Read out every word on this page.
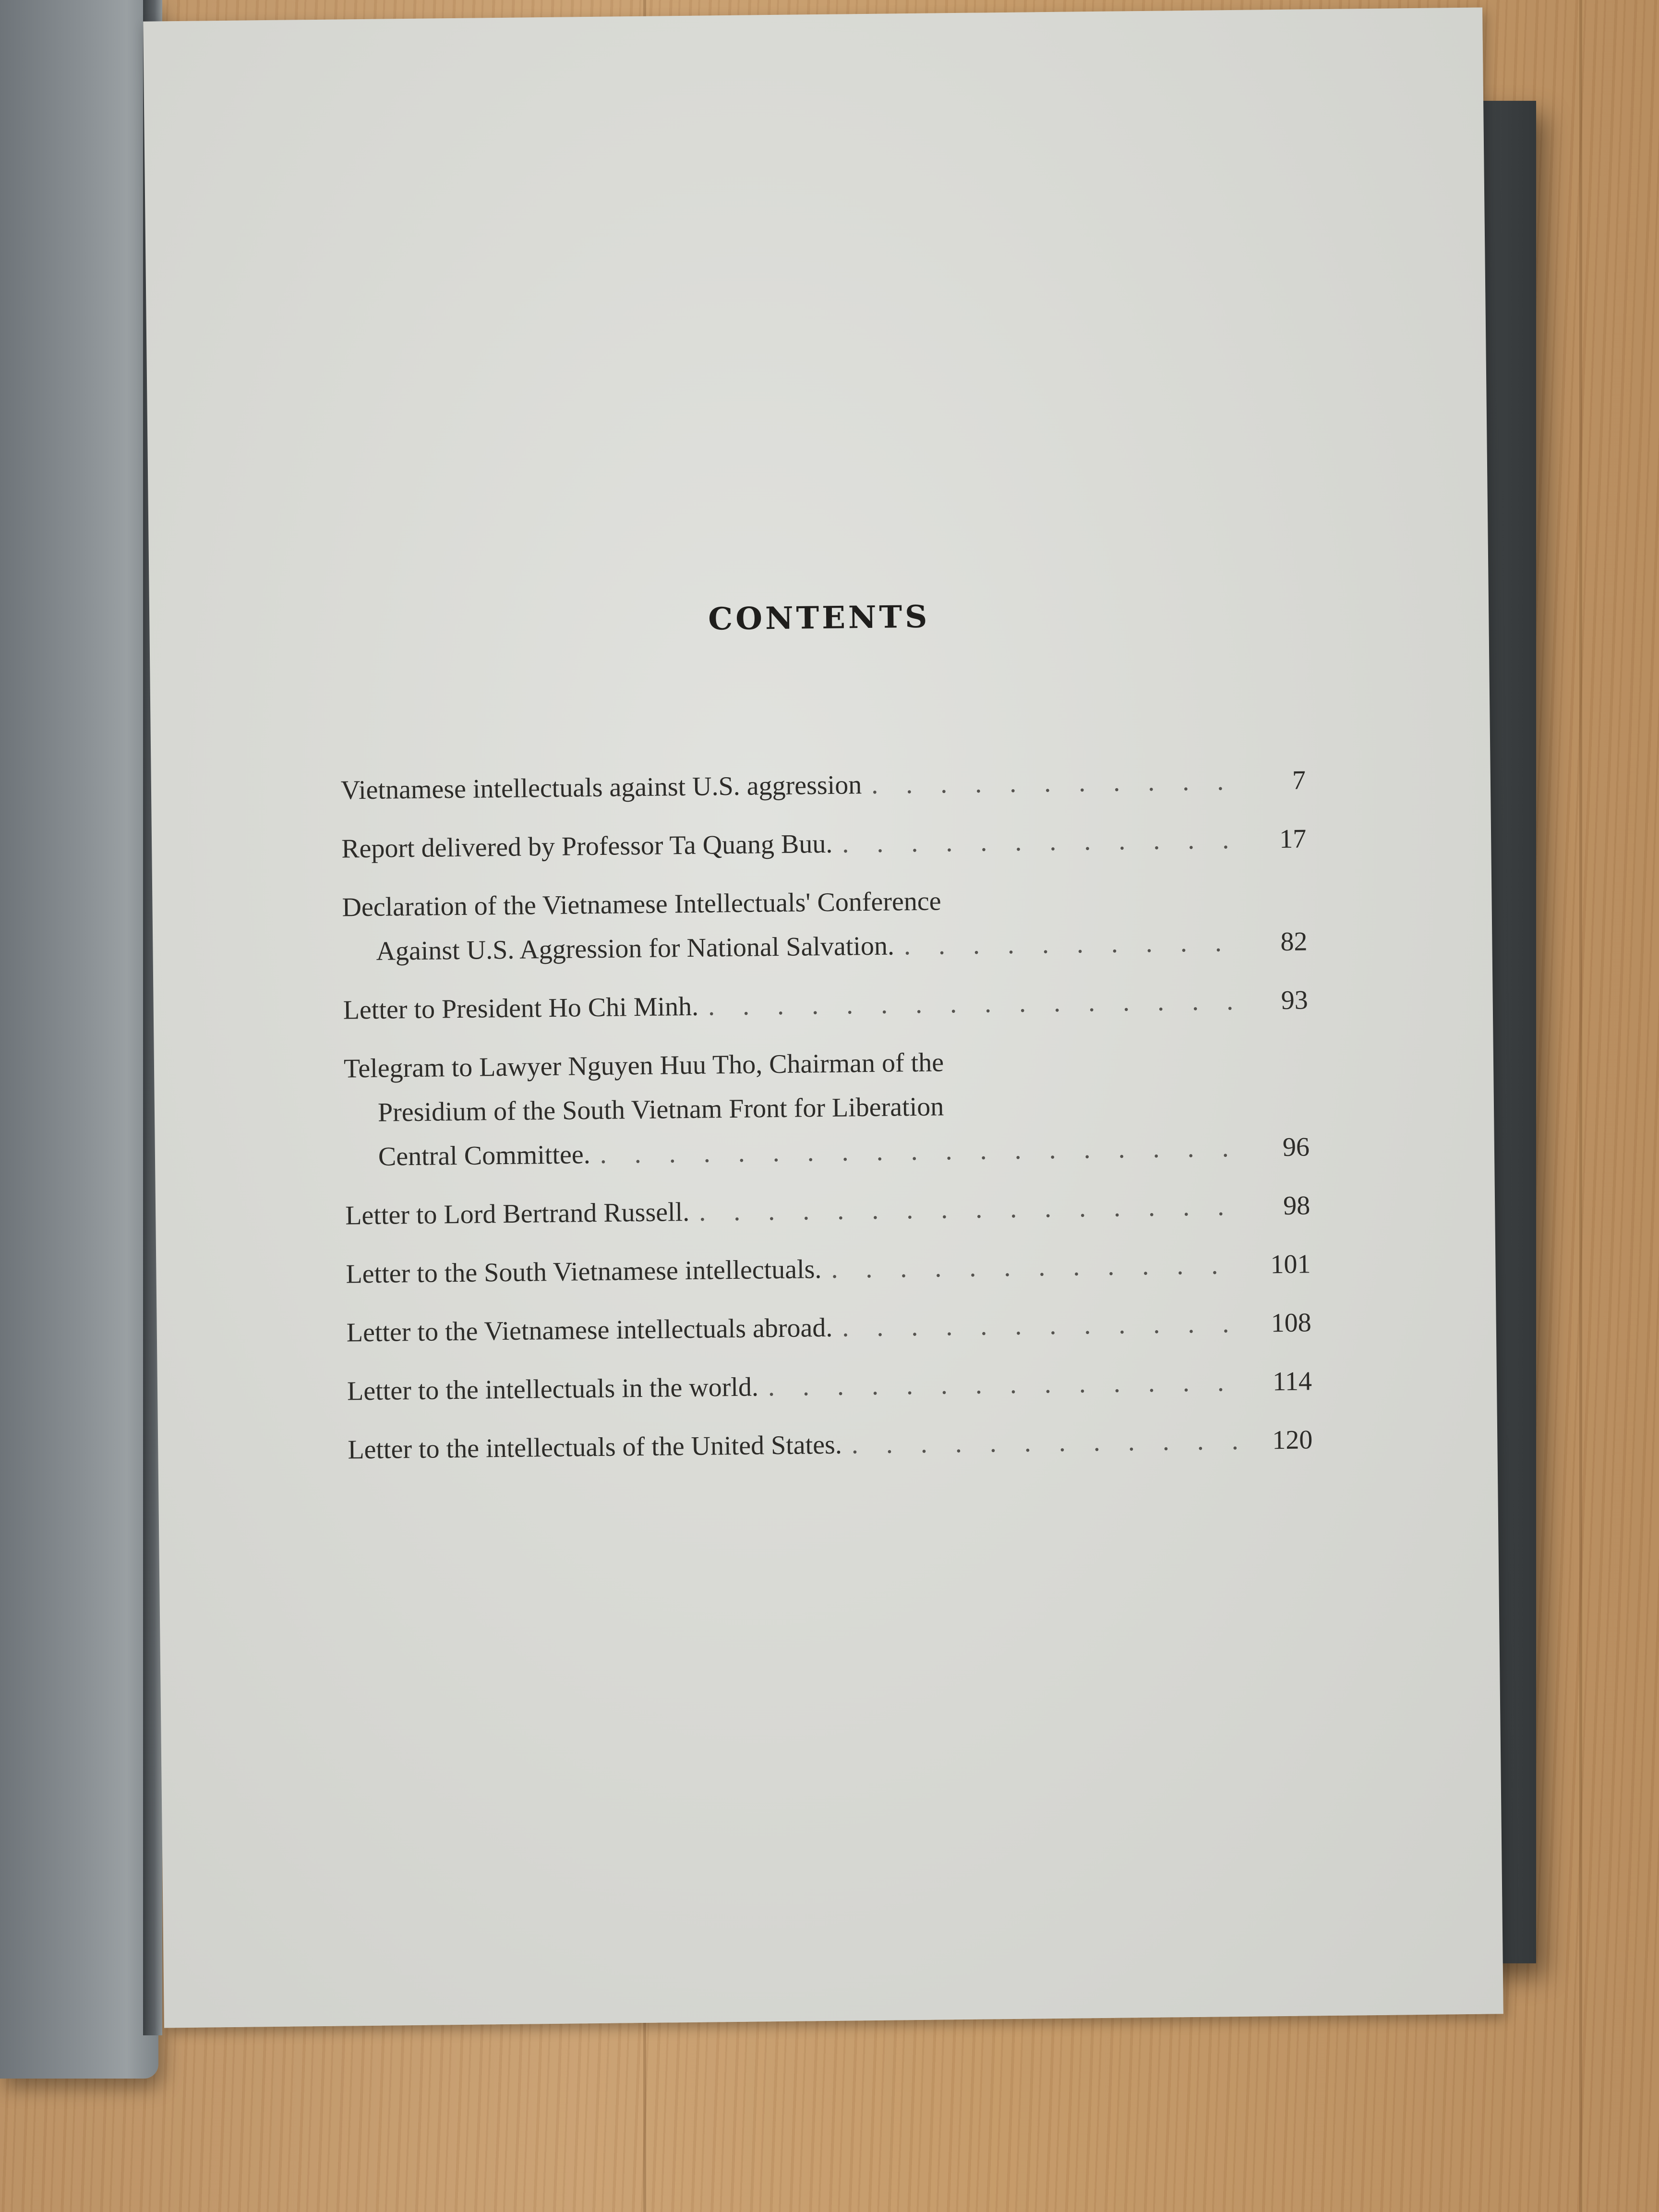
CONTENTS
Vietnamese intellectuals against U.S. aggression . . .	7
Report delivered by Professor Ta Quang Buu. . . .	17
Declaration of the Vietnamese Intellectuals' Conference
Against U.S. Aggression for National Salvation. . . .	82
Letter to President Ho Chi Minh. . . .	93
Telegram to Lawyer Nguyen Huu Tho, Chairman of the
Presidium of the South Vietnam Front for Liberation
Central Committee. . . .	96
Letter to Lord Bertrand Russell. . . .	98
Letter to the South Vietnamese intellectuals. . . .	101
Letter to the Vietnamese intellectuals abroad. . . .	108
Letter to the intellectuals in the world. . . .	114
Letter to the intellectuals of the United States. . . .	120
